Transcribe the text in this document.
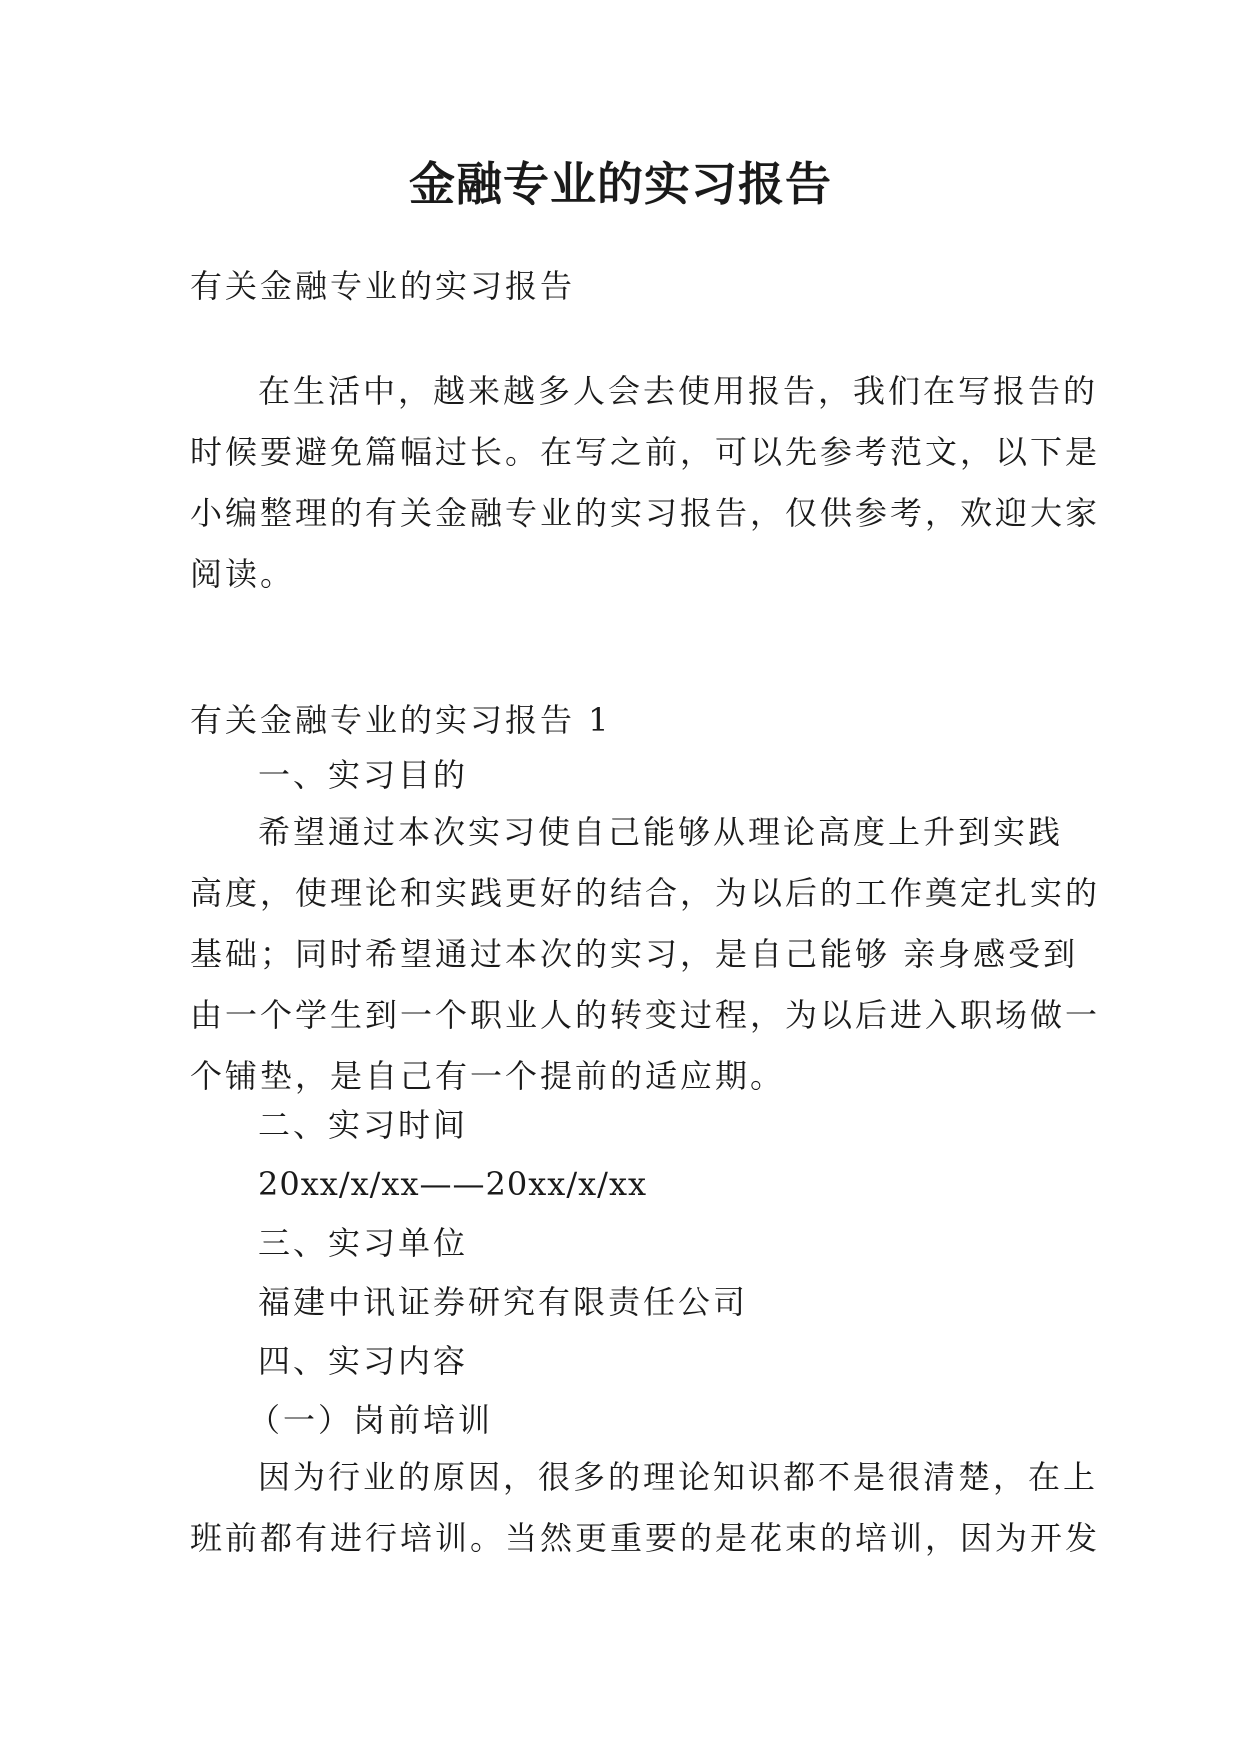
金融专业的实习报告
有关金融专业的实习报告
在生活中，越来越多人会去使用报告，我们在写报告的
时候要避免篇幅过长。在写之前，可以先参考范文，以下是
小编整理的有关金融专业的实习报告，仅供参考，欢迎大家
阅读。
有关金融专业的实习报告 1
一、实习目的
希望通过本次实习使自己能够从理论高度上升到实践
高度，使理论和实践更好的结合，为以后的工作奠定扎实的
基础；同时希望通过本次的实习，是自己能够 亲身感受到
由一个学生到一个职业人的转变过程，为以后进入职场做一
个铺垫，是自己有一个提前的适应期。
二、实习时间
20xx/x/xx——20xx/x/xx
三、实习单位
福建中讯证券研究有限责任公司
四、实习内容
（一）岗前培训
因为行业的原因，很多的理论知识都不是很清楚，在上
班前都有进行培训。当然更重要的是花束的培训，因为开发
